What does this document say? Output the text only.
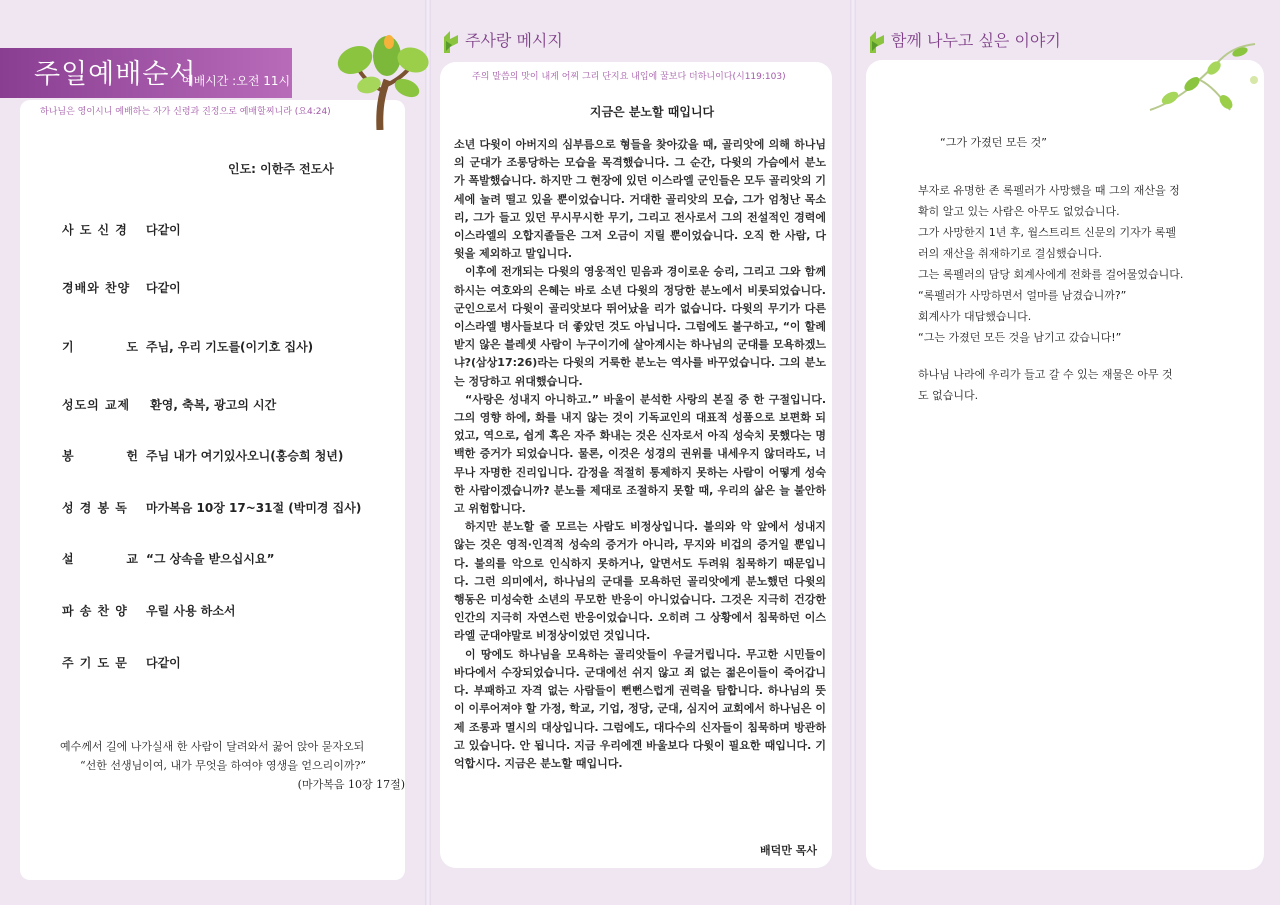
주일예배순서
예배시간 :오전 11시
하나님은 영이시니 예배하는 자가 신령과 진정으로 예배할찌니라 (요4:24)
인도: 이한주 전도사
사 도 신 경 다같이
경배와 찬양 다같이
기          도 주님, 우리 기도를(이기호 집사)
성도의 교제 환영, 축복, 광고의 시간
봉          헌 주님 내가 여기있사오니(홍승희 청년)
성 경 봉 독 마가복음 10장 17~31절 (박미경 집사)
설          교 “그 상속을 받으십시요”
파 송 찬 양 우릴 사용 하소서
주 기 도 문 다같이
예수께서 길에 나가실새 한 사람이 달려와서 꿇어 앉아 묻자오되
“선한 선생님이여, 내가 무엇을 하여야 영생을 얻으리이까?”
(마가복음 10장 17절)
주사랑 메시지
주의 말씀의 맛이 내게 어찌 그리 단지요 내입에 꿀보다 더하니이다(시119:103)
지금은 분노할 때입니다

소년 다윗이 아버지의 심부름으로 형들을 찾아갔을 때, 골리앗에 의해 하나님의 군대가 조롱당하는 모습을 목격했습니다. 그 순간, 다윗의 가슴에서 분노가 폭발했습니다. 하지만 그 현장에 있던 이스라엘 군인들은 모두 골리앗의 기세에 눌려 떨고 있을 뿐이었습니다. 거대한 골리앗의 모습, 그가 엄청난 목소리, 그가 들고 있던 무시무시한 무기, 그리고 전사로서 그의 전설적인 경력에 이스라엘의 오합지졸들은 그저 오금이 지릴 뿐이었습니다. 오직 한 사람, 다윗을 제외하고 말입니다.

이후에 전개되는 다윗의 영웅적인 믿음과 경이로운 승리, 그리고 그와 함께 하시는 여호와의 은혜는 바로 소년 다윗의 정당한 분노에서 비롯되었습니다. 군인으로서 다윗이 골리앗보다 뛰어났을 리가 없습니다. 다윗의 무기가 다른 이스라엘 병사들보다 더 좋았던 것도 아닙니다. 그럼에도 불구하고, “이 할례 받지 않은 블레셋 사람이 누구이기에 살아계시는 하나님의 군대를 모욕하겠느냐?(삼상17:26)라는 다윗의 거룩한 분노는 역사를 바꾸었습니다. 그의 분노는 정당하고 위대했습니다.

“사랑은 성내지 아니하고.” 바울이 분석한 사랑의 본질 중 한 구절입니다. 그의 영향 하에, 화를 내지 않는 것이 기독교인의 대표적 성품으로 보편화 되었고, 역으로, 쉽게 혹은 자주 화내는 것은 신자로서 아직 성숙치 못했다는 명백한 증거가 되었습니다. 물론, 이것은 성경의 권위를 내세우지 않더라도, 너무나 자명한 진리입니다. 감정을 적절히 통제하지 못하는 사람이 어떻게 성숙한 사람이겠습니까? 분노를 제대로 조절하지 못할 때, 우리의 삶은 늘 불안하고 위험합니다.

하지만 분노할 줄 모르는 사람도 비정상입니다. 불의와 악 앞에서 성내지 않는 것은 영적·인격적 성숙의 증거가 아니라, 무지와 비겁의 증거일 뿐입니다. 불의를 악으로 인식하지 못하거나, 알면서도 두려워 침묵하기 때문입니다. 그런 의미에서, 하나님의 군대를 모욕하던 골리앗에게 분노했던 다윗의 행동은 미성숙한 소년의 무모한 반응이 아니었습니다. 그것은 지극히 건강한 인간의 지극히 자연스런 반응이었습니다. 오히려 그 상황에서 침묵하던 이스라엘 군대야말로 비정상이었던 것입니다.

이 땅에도 하나님을 모욕하는 골리앗들이 우글거립니다. 무고한 시민들이 바다에서 수장되었습니다. 군대에선 쉬지 않고 죄 없는 젊은이들이 죽어갑니다. 부패하고 자격 없는 사람들이 뻔뻔스럽게 권력을 탐합니다. 하나님의 뜻이 이루어져야 할 가정, 학교, 기업, 정당, 군대, 심지어 교회에서 하나님은 이제 조롱과 멸시의 대상입니다. 그럼에도, 대다수의 신자들이 침묵하며 방관하고 있습니다. 안 됩니다. 지금 우리에겐 바울보다 다윗이 필요한 때입니다. 기억합시다. 지금은 분노할 때입니다.

배덕만 목사
함께 나누고 싶은 이야기
“그가 가졌던 모든 것”
부자로 유명한 존 록펠러가 사망했을 때 그의 재산을 정
확히 알고 있는 사람은 아무도 없었습니다.
그가 사망한지 1년 후, 월스트리트 신문의 기자가 록펠
러의 재산을 취재하기로 결심했습니다.
그는 록펠러의 담당 회계사에게 전화를 걸어물었습니다.
“록펠러가 사망하면서 얼마를 남겼습니까?”
회계사가 대답했습니다.
“그는 가졌던 모든 것을 남기고 갔습니다!”
하나님 나라에 우리가 들고 갈 수 있는 재물은 아무 것
도 없습니다.
